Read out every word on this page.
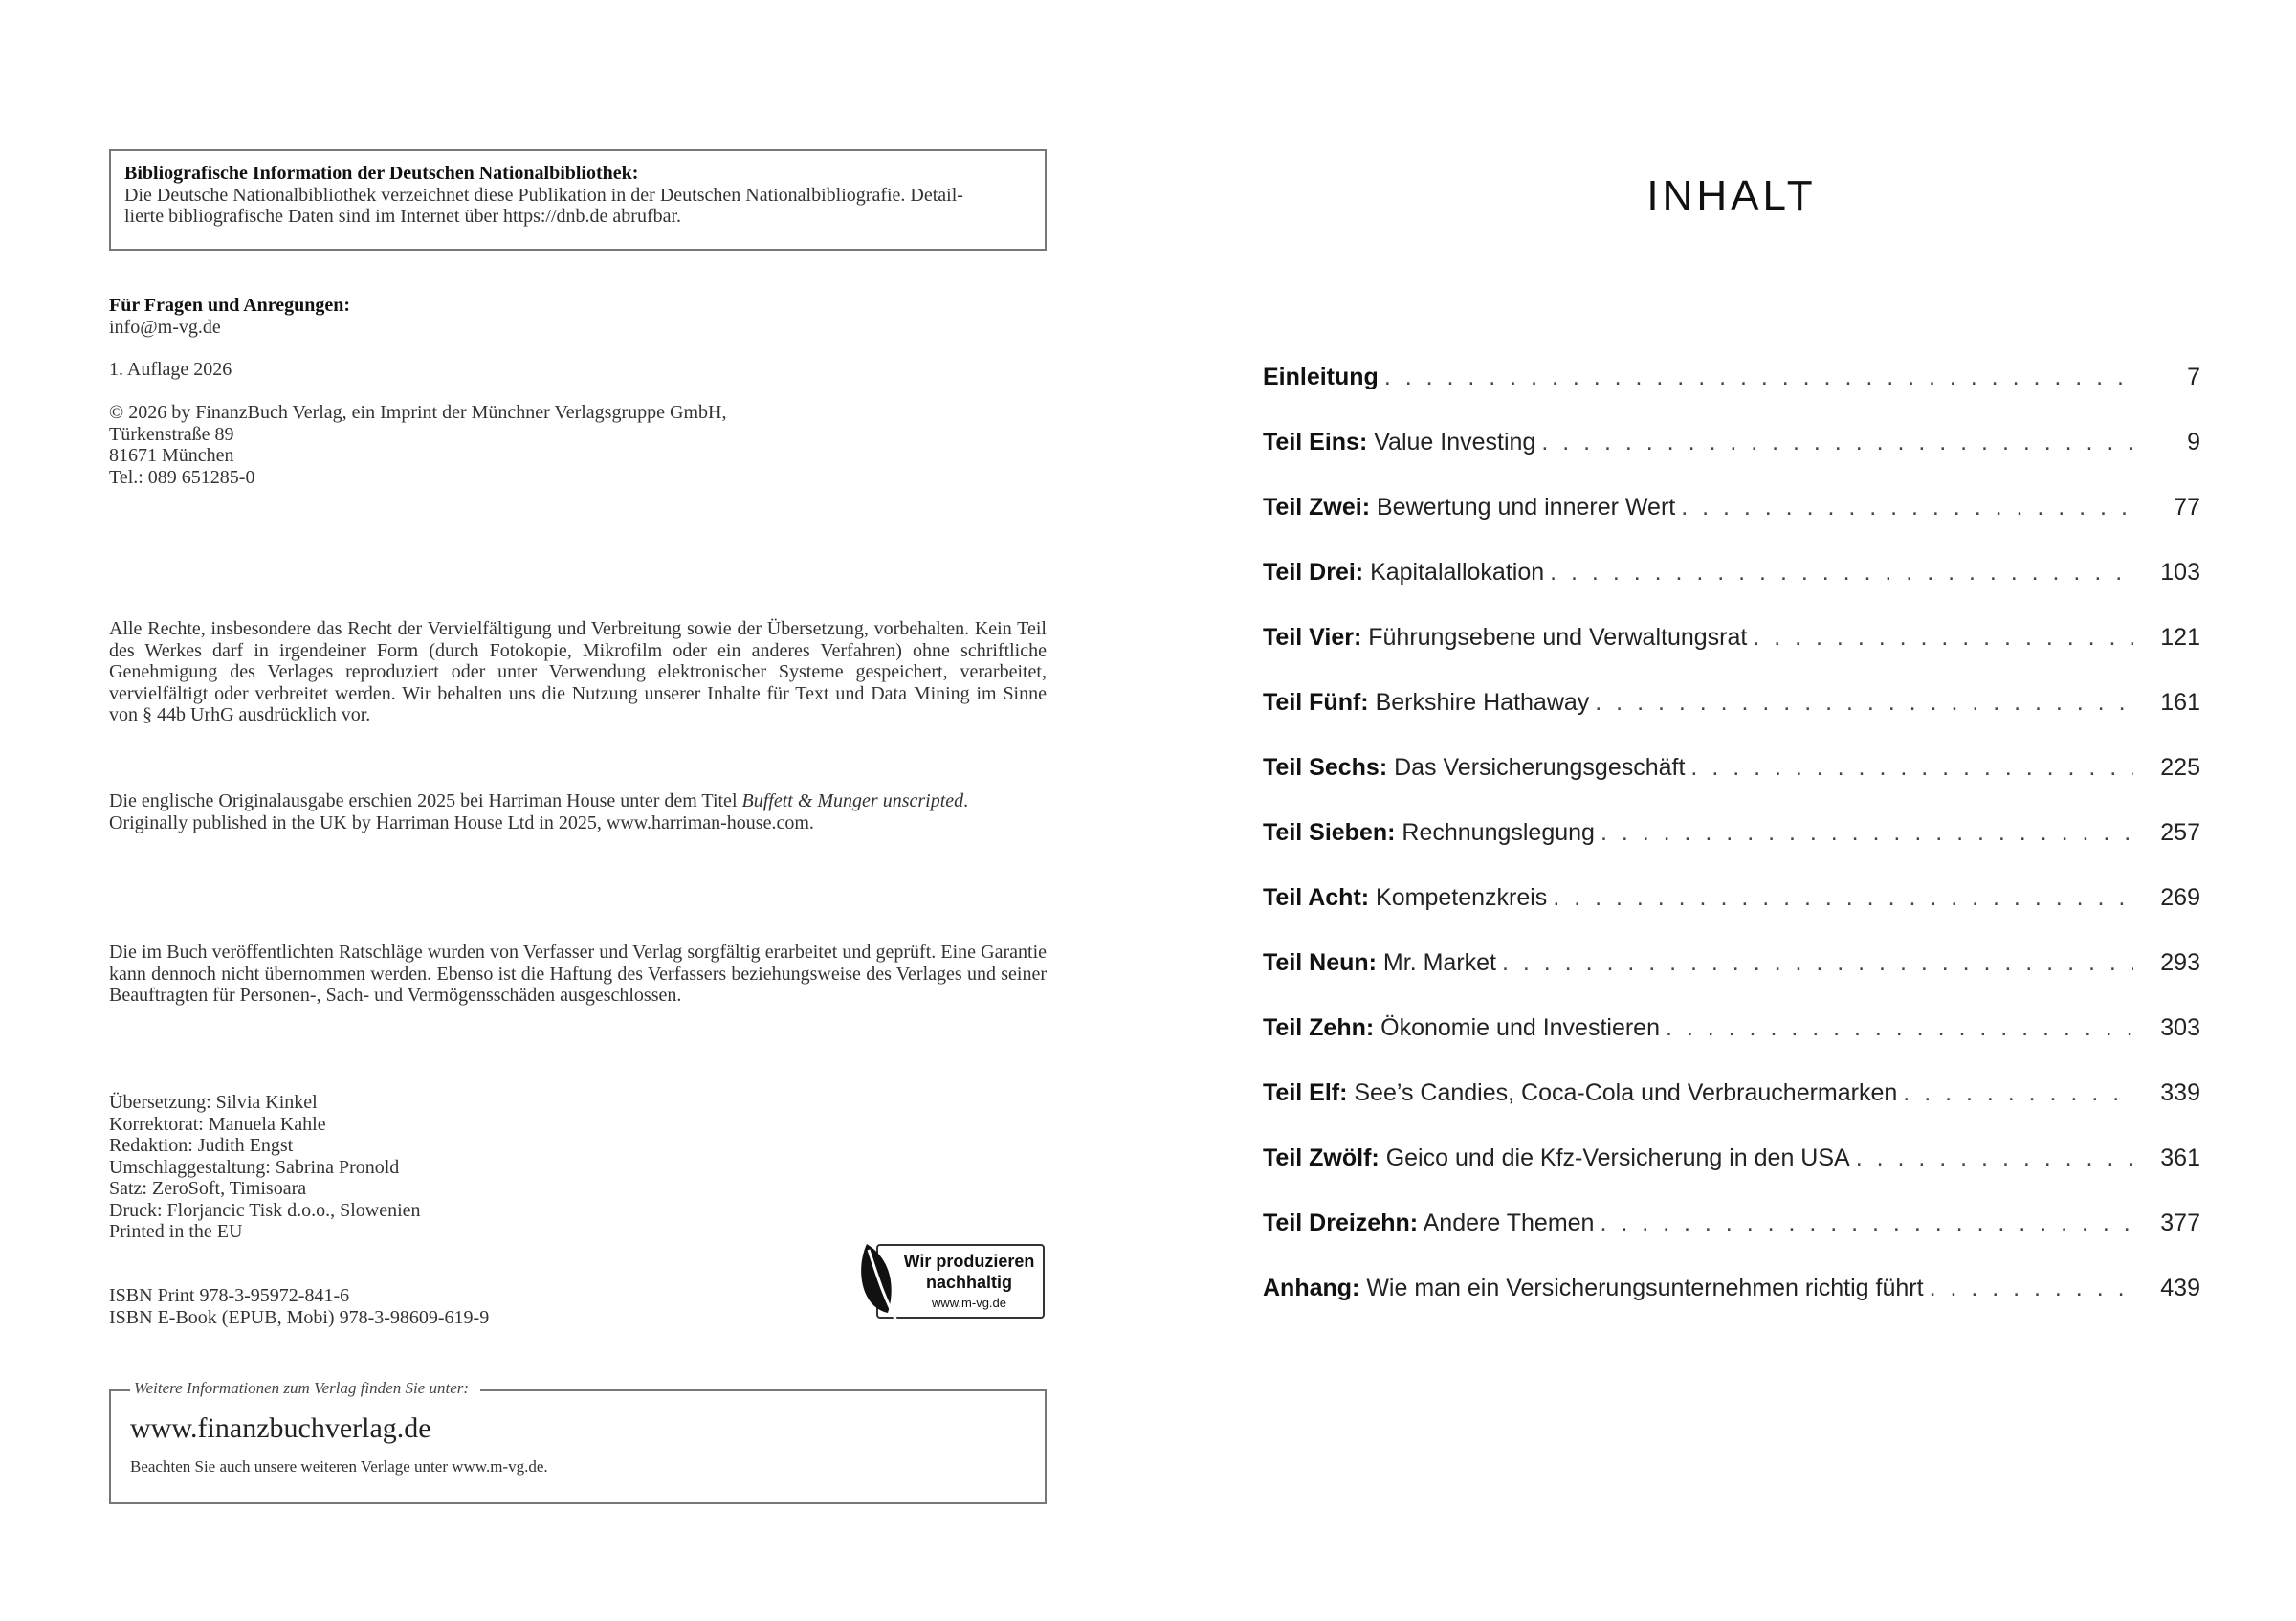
Bibliografische Information der Deutschen Nationalbibliothek:
Die Deutsche Nationalbibliothek verzeichnet diese Publikation in der Deutschen Nationalbibliografie. Detail-
lierte bibliografische Daten sind im Internet über https://dnb.de abrufbar.
Für Fragen und Anregungen:
info@m-vg.de
1. Auflage 2026
© 2026 by FinanzBuch Verlag, ein Imprint der Münchner Verlagsgruppe GmbH,
Türkenstraße 89
81671 München
Tel.: 089 651285-0
Alle Rechte, insbesondere das Recht der Vervielfältigung und Verbreitung sowie der Übersetzung, vorbehalten. Kein Teil des Werkes darf in irgendeiner Form (durch Fotokopie, Mikrofilm oder ein anderes Verfahren) ohne schriftliche Genehmigung des Verlages reproduziert oder unter Verwendung elektronischer Systeme gespeichert, verarbeitet, vervielfältigt oder verbreitet werden. Wir behalten uns die Nutzung unserer Inhalte für Text und Data Mining im Sinne von § 44b UrhG ausdrücklich vor.
Die englische Originalausgabe erschien 2025 bei Harriman House unter dem Titel Buffett & Munger unscripted.
Originally published in the UK by Harriman House Ltd in 2025, www.harriman-house.com.
Die im Buch veröffentlichten Ratschläge wurden von Verfasser und Verlag sorgfältig erarbeitet und geprüft. Eine Garantie kann dennoch nicht übernommen werden. Ebenso ist die Haftung des Verfassers beziehungsweise des Verlages und seiner Beauftragten für Personen-, Sach- und Vermögensschäden ausgeschlossen.
Übersetzung: Silvia Kinkel
Korrektorat: Manuela Kahle
Redaktion: Judith Engst
Umschlaggestaltung: Sabrina Pronold
Satz: ZeroSoft, Timisoara
Druck: Florjancic Tisk d.o.o., Slowenien
Printed in the EU
ISBN Print 978-3-95972-841-6
ISBN E-Book (EPUB, Mobi) 978-3-98609-619-9
Wir produzieren
nachhaltig
www.m-vg.de
Weitere Informationen zum Verlag finden Sie unter:
www.finanzbuchverlag.de
Beachten Sie auch unsere weiteren Verlage unter www.m-vg.de.
INHALT
Einleitung . . .	7
Teil Eins: Value Investing . . .	9
Teil Zwei: Bewertung und innerer Wert . . .	77
Teil Drei: Kapitalallokation . . .	103
Teil Vier: Führungsebene und Verwaltungsrat . . .	121
Teil Fünf: Berkshire Hathaway . . .	161
Teil Sechs: Das Versicherungsgeschäft . . .	225
Teil Sieben: Rechnungslegung . . .	257
Teil Acht: Kompetenzkreis . . .	269
Teil Neun: Mr. Market . . .	293
Teil Zehn: Ökonomie und Investieren . . .	303
Teil Elf: See’s Candies, Coca-Cola und Verbrauchermarken . . .	339
Teil Zwölf: Geico und die Kfz-Versicherung in den USA . . .	361
Teil Dreizehn: Andere Themen . . .	377
Anhang: Wie man ein Versicherungsunternehmen richtig führt . . .	439
